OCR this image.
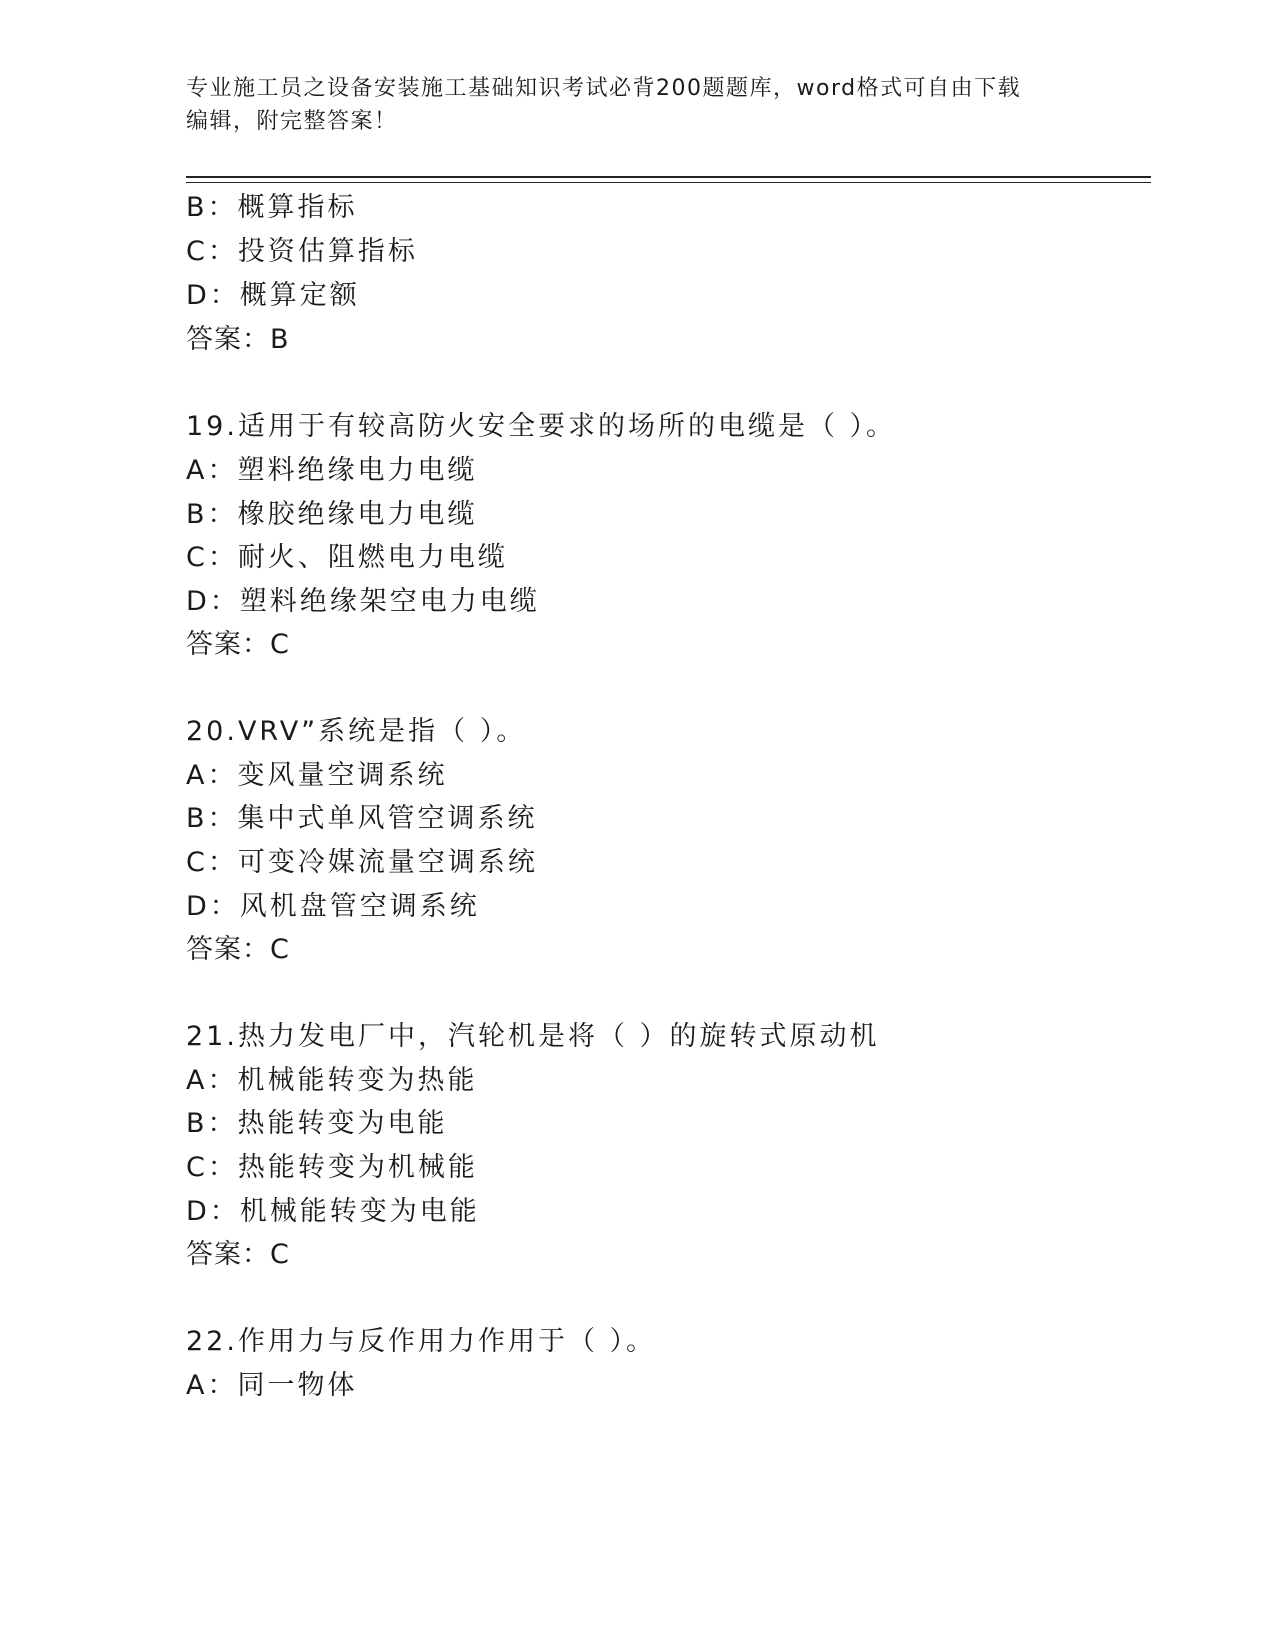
专业施工员之设备安装施工基础知识考试必背200题题库，word格式可自由下载
编辑，附完整答案！
B：概算指标
C：投资估算指标
D：概算定额
答案：B
19.适用于有较高防火安全要求的场所的电缆是（ ）。
A：塑料绝缘电力电缆
B：橡胶绝缘电力电缆
C：耐火、阻燃电力电缆
D：塑料绝缘架空电力电缆
答案：C
20.VRV”系统是指（ ）。
A：变风量空调系统
B：集中式单风管空调系统
C：可变冷媒流量空调系统
D：风机盘管空调系统
答案：C
21.热力发电厂中，汽轮机是将（ ）的旋转式原动机
A：机械能转变为热能
B：热能转变为电能
C：热能转变为机械能
D：机械能转变为电能
答案：C
22.作用力与反作用力作用于（ ）。
A：同一物体
